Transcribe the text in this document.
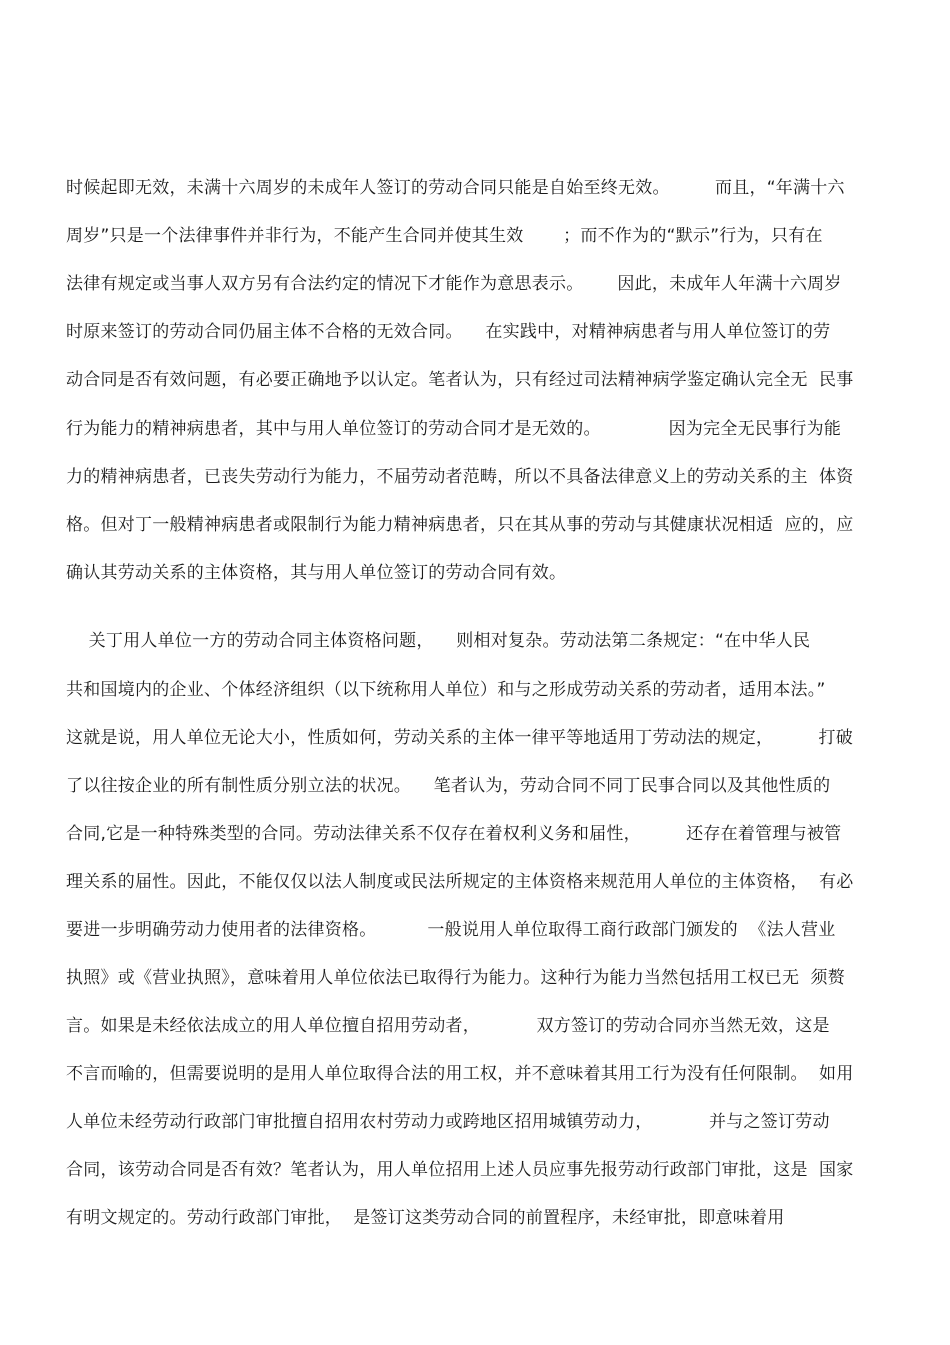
时候起即无效，未满十六周岁的未成年人签订的劳动合同只能是自始至终无效。        而且，“年满十六
周岁”只是一个法律事件并非行为，不能产生合同并使其生效       ；而不作为的“默示”行为，只有在
法律有规定或当事人双方另有合法约定的情况下才能作为意思表示。      因此，未成年人年满十六周岁
时原来签订的劳动合同仍届主体不合格的无效合同。    在实践中，对精神病患者与用人单位签订的劳
动合同是否有效问题，有必要正确地予以认定。笔者认为，只有经过司法精神病学鉴定确认完全无  民事
行为能力的精神病患者，其中与用人单位签订的劳动合同才是无效的。            因为完全无民事行为能
力的精神病患者，已丧失劳动行为能力，不届劳动者范畴，所以不具备法律意义上的劳动关系的主  体资
格。但对丁一般精神病患者或限制行为能力精神病患者，只在其从事的劳动与其健康状况相适  应的，应
确认其劳动关系的主体资格，其与用人单位签订的劳动合同有效。
关丁用人单位一方的劳动合同主体资格问题，    则相对复杂。劳动法第二条规定：“在中华人民
共和国境内的企业、个体经济组织（以下统称用人单位）和与之形成劳动关系的劳动者，适用本法。”
这就是说，用人单位无论大小，性质如何，劳动关系的主体一律平等地适用丁劳动法的规定，        打破
了以往按企业的所有制性质分别立法的状况。    笔者认为，劳动合同不同丁民事合同以及其他性质的
合同,它是一种特殊类型的合同。劳动法律关系不仅存在着权利义务和届性，        还存在着管理与被管
理关系的届性。因此，不能仅仅以法人制度或民法所规定的主体资格来规范用人单位的主体资格，  有必
要进一步明确劳动力使用者的法律资格。         一般说用人单位取得工商行政部门颁发的  《法人营业
执照》或《营业执照》，意味着用人单位依法已取得行为能力。这种行为能力当然包括用工权已无  须赘
言。如果是未经依法成立的用人单位擅自招用劳动者，          双方签订的劳动合同亦当然无效，这是
不言而喻的，但需要说明的是用人单位取得合法的用工权，并不意味着其用工行为没有任何限制。  如用
人单位未经劳动行政部门审批擅自招用农村劳动力或跨地区招用城镇劳动力，          并与之签订劳动
合同，该劳动合同是否有效？笔者认为，用人单位招用上述人员应事先报劳动行政部门审批，这是  国家
有明文规定的。劳动行政部门审批，  是签订这类劳动合同的前置程序，未经审批，即意味着用
